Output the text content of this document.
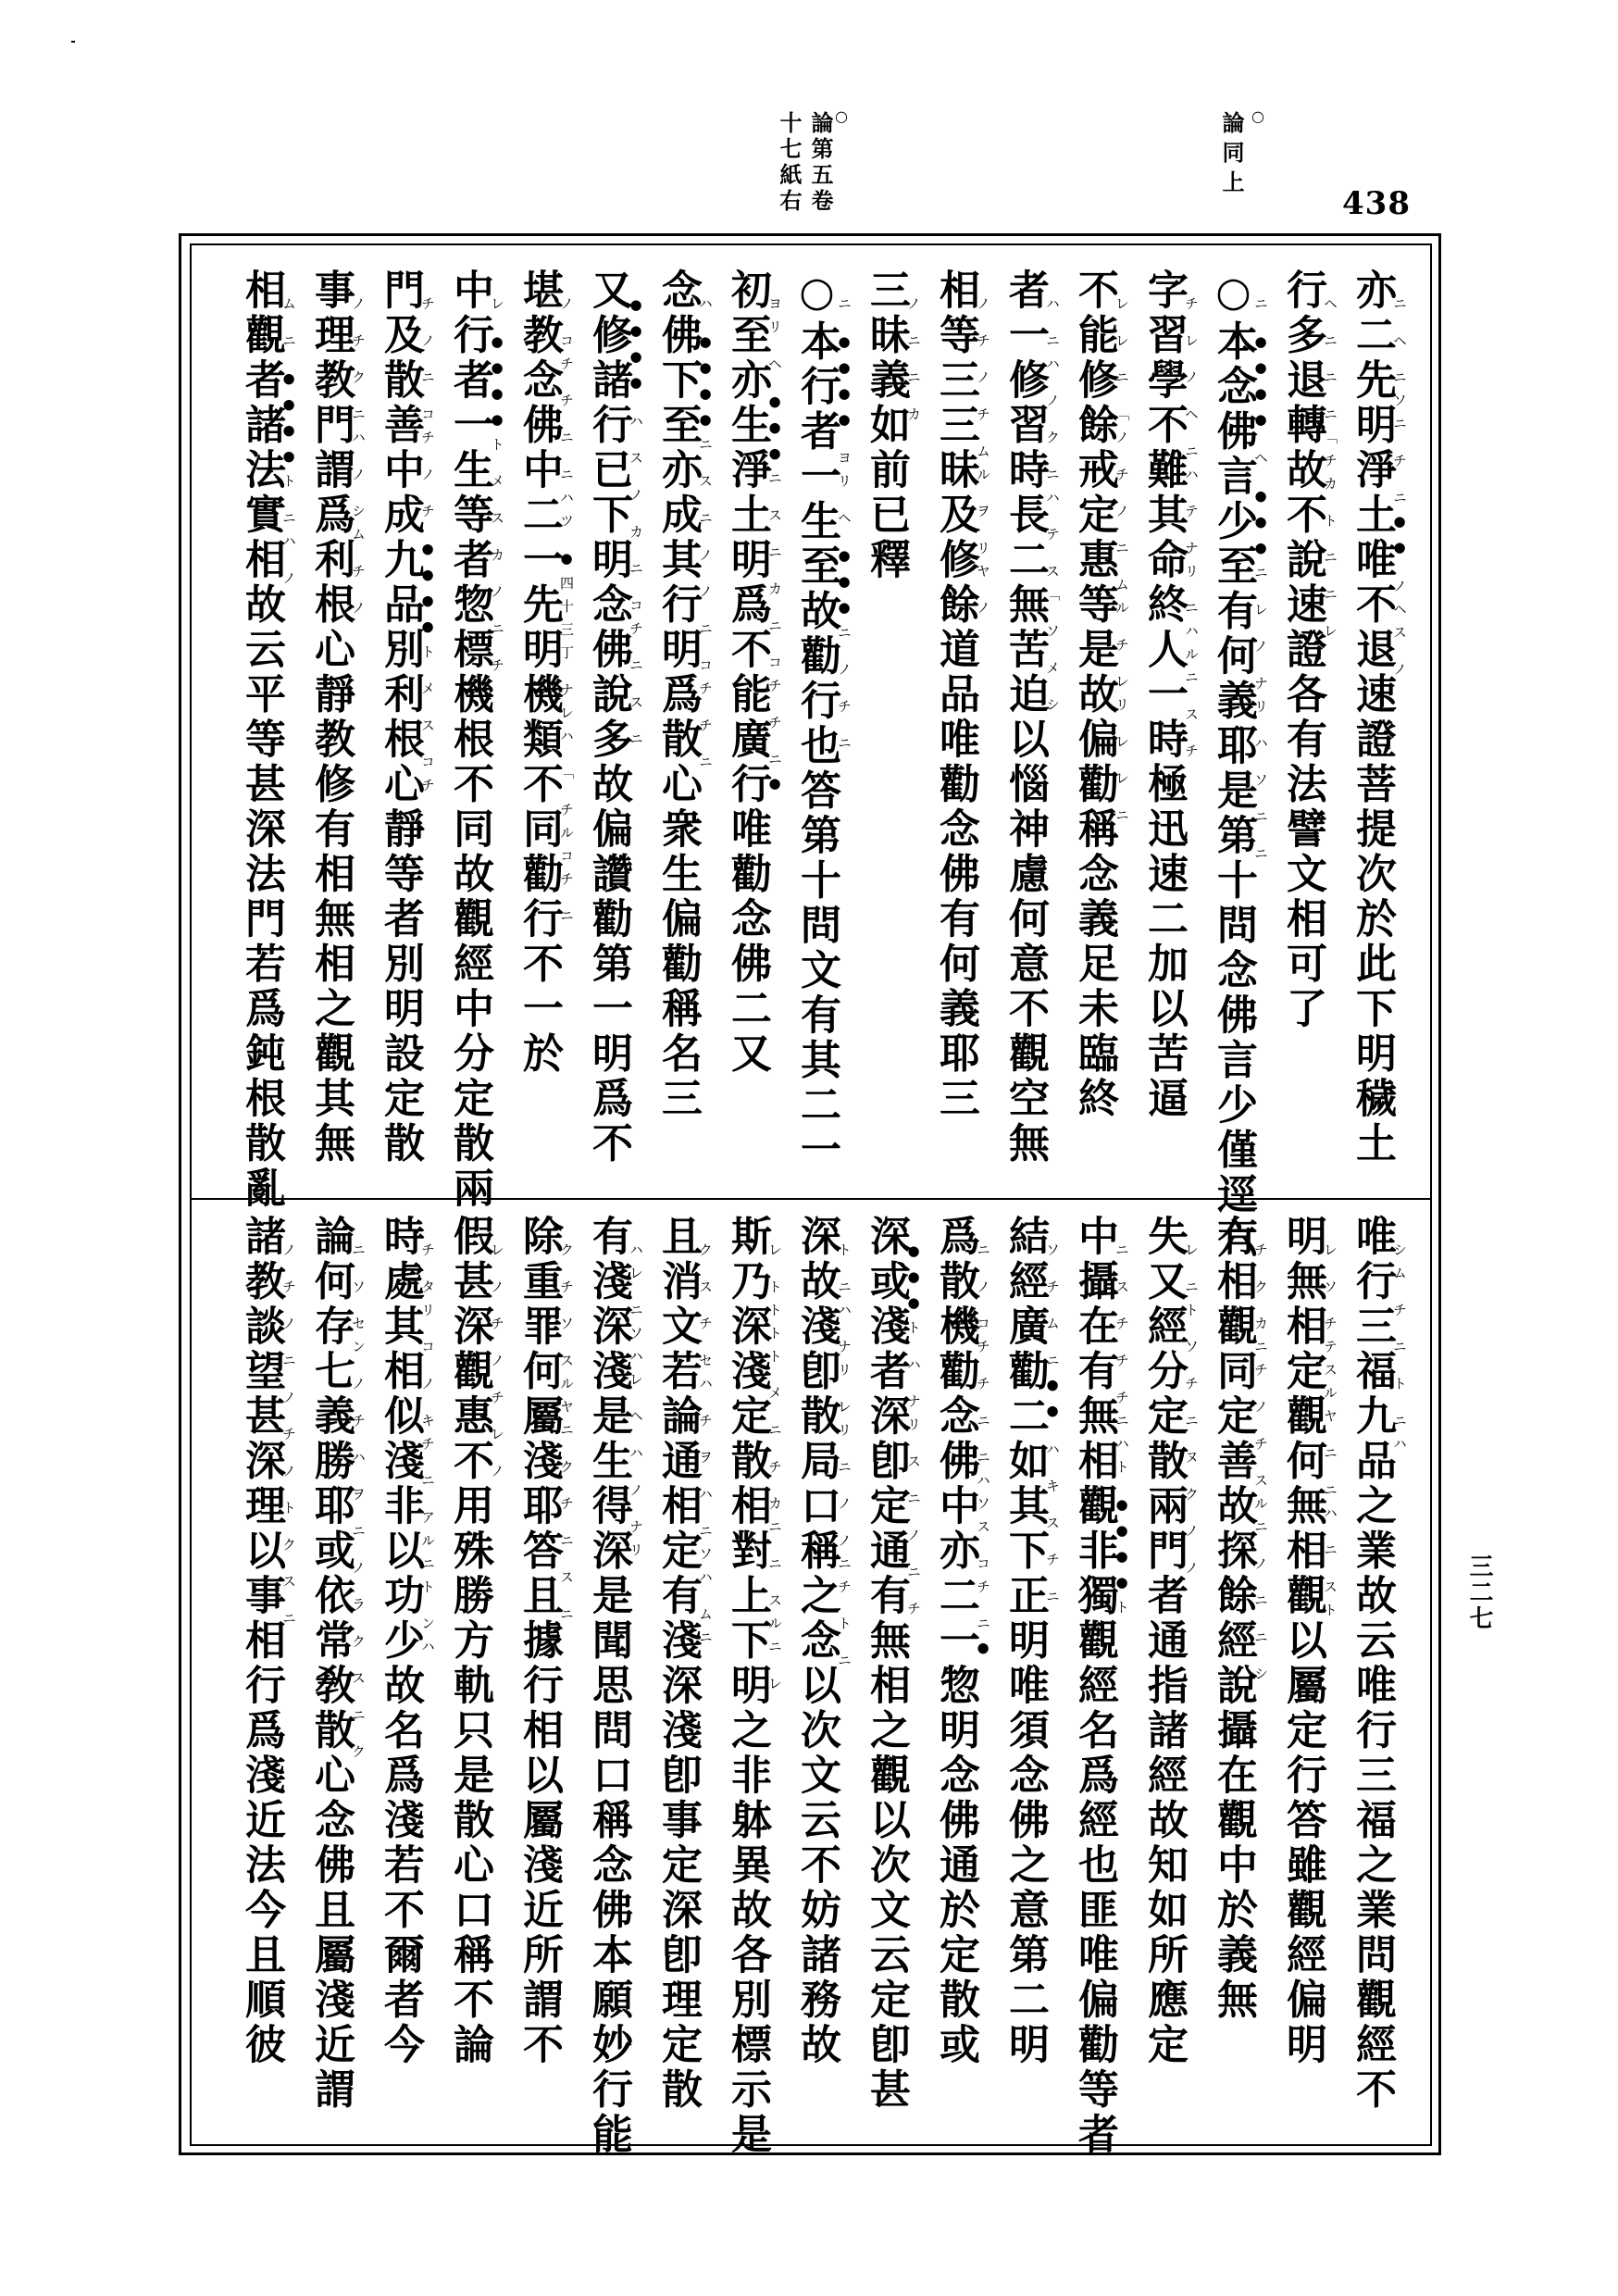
○
論第五卷
十七紙右	○
論同上
438
三二七
亦二先明淨土唯不退速證菩提次於此下明穢土
ニ ヘ ニソニ チ ニ●● ノヘス ノ
行多退轉故不說速證各有法譬文相可了
ヘ ニ ニ ニ「チカ ト ニ ニ レ
○本念佛言少至有何義耶是第十問念佛言少僅逕六
ニ ●●●● ヘ ●●●ニ レ ノ ナリ ハ ソ ニ ニ
字習學不難其命終人一時極迅速二加以苦逼
チ レ ノ ヘ ニハ テ ナリ ニハルニ ス チ
不能修餘戒定惠等是故偏勸稱念義足未臨終
レ レ ニ 「ノ チ ノ ニ ムル チ レリ レ レ ニ
者一修習時長二無苦迫以惱神慮何意不觀空無
ハ ニハ ノ ク ニハ テ ス「 ソ メ シ
相等三三昧及修餘道品唯勸念佛有何義耶三
ノ チ ノ チ ムル ヲ リヤ ノ
三昧義如前已釋
ノ ニ ニ カ
○本行者一生至故勸行也答第十問文有其二一
ニ ●●●● ヨリ ヘ ●●●ニ ノ チ ニ
初至亦生淨土明爲不能廣行唯勸念佛二又
ヨリ ヘ ●●●ニ ス ニ カ ニ コチ チ ニ●
念佛下至亦成其行明爲散心衆生偏勸稱名三
ハ ●●●●ニ ス ニ ノ ノ ニ コチ チ ニ
又修諸行已下明念佛說多故偏讚勸第一明爲不
●●●● ハ ス ノ カ ニ コチ ニ ス ニ
堪教念佛中二一先明機類不同勸行不一於
ノ コチ チ ニ ニハツ ●四十三丁 ナレハ 「 チルコチ ニ
中行者一生等者惣標機根不同故觀經中分定散兩
レ ●●●●ト メ ス カ ノ ニ チ
門及散善中成九品別利根心靜等者別明設定散
チ ノ ニ コチ ノ チ ●●●●ト メ ス コチ
事理教門謂爲利根心靜教修有相無相之觀其無
ノ チ ク ニハ ノ シム チ ノ
相觀者諸法實相故云平等甚深法門若爲鈍根散亂
ム ニ ●●●●ト ニハ ノ
唯行三福九品之業故云唯行三福之業問觀經不
シム チ ニ ト ニハ
明無相定觀何無相觀以屬定行答雖觀經偏明
レ ソ チテスルヤ ニ ニハ ニ スト
有相觀同定善故探餘經說攝在觀中於義無
チ ク カニチ ノ チ スルニ ノ ニ ニ シ
失又經分定散兩門者通指諸經故知如所應定
レ ニト ソ チ ニ ヌ ク ノ ノ
中攝在有無相觀非獨觀經名爲經也匪唯偏勸等者
ニ ス チ チ チニハト ●●●●ト
結經廣勸二如其下正明唯須念佛之意第二明
ソ チ ム ニ●● ハ キ ス チ ニ
爲散機勸念佛中亦二一惣明念佛通於定散或
ニ ノ コチ チ ニ ニハソス コチ ニ●
深或淺者深卽定通有無相之觀以次文云定卽甚
●●●ト ハ ナリ ス ニ ノ ニ チ
深故淺卽散局口稱之念以次文云不妨諸務故
ト ニハ ナリ レリ ニ ノ ノニチ ト ニ
斯乃深淺定散相對上下明之非躰異故各別標示是
レ トトトト メ ニ チ カニ ニ スルニ レ
且消文若論通相定有淺深淺卽事定深卽理定散
ク ス チ セハ チ ヲ ハ ニソハ ムニ
有淺深淺是生得深是聞思問口稱念佛本願妙行能
ハレ ニソハレ ヘ ハ ノ ナリ
除重罪何屬淺耶答且據行相以屬淺近所謂不
ク チ ソ スルヤニ ク チ ニ ス ニ
假甚深觀惠不用殊勝方軌只是散心口稱不論
レ ノ チ ノ チ レ ノ
時處其相似淺非以功少故名爲淺若不爾者今
チ タリ コ ノ キチ ニ アルニト ンハ
論何存七義勝耶或依常敎散心念佛且屬淺近謂
ニ ソ セン ノ チ ハ ヲ ニ ノ ラ ク ス ニ ク
諸教談望甚深理以事相行爲淺近法今且順彼
ノ チ ノ ニ ノ チ ノ ト ク ス ニ
